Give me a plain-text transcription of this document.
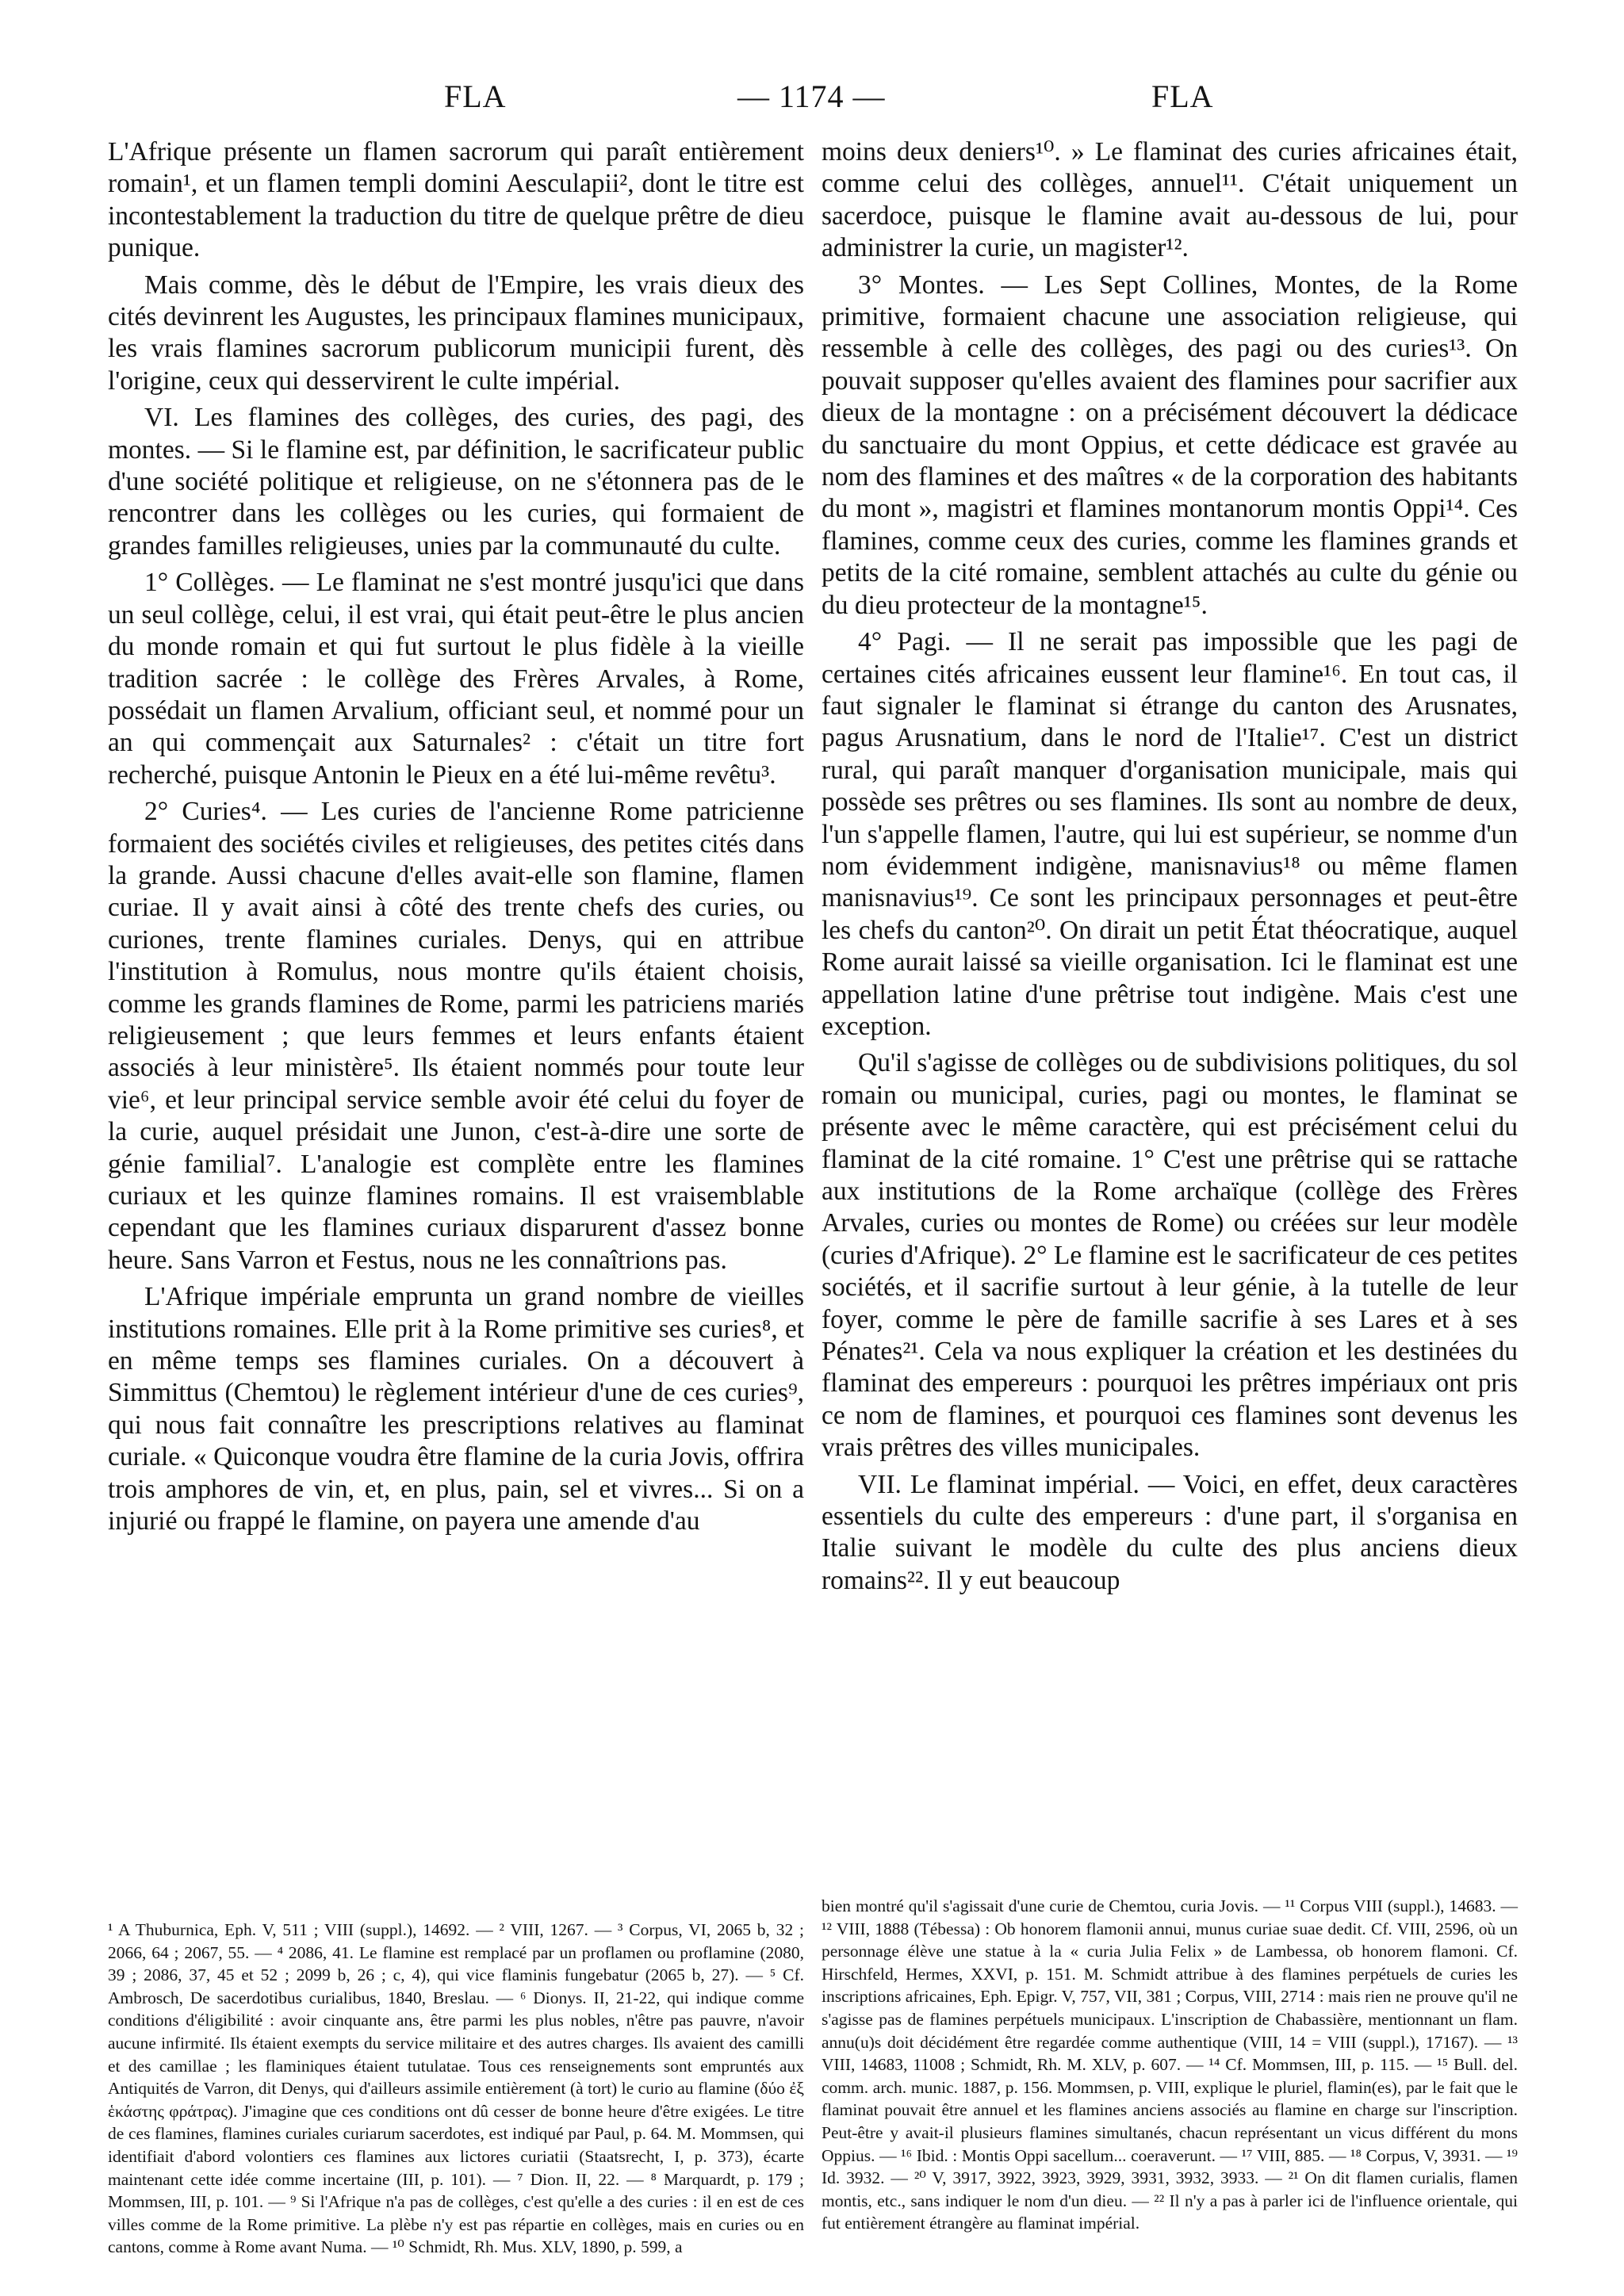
FLA	— 1174 —	FLA

L'Afrique présente un flamen sacrorum qui paraît entièrement romain¹, et un flamen templi domini Aesculapii², dont le titre est incontestablement la traduction du titre de quelque prêtre de dieu punique.

Mais comme, dès le début de l'Empire, les vrais dieux des cités devinrent les Augustes, les principaux flamines municipaux, les vrais flamines sacrorum publicorum municipii furent, dès l'origine, ceux qui desservirent le culte impérial.

VI. Les flamines des collèges, des curies, des pagi, des montes. — Si le flamine est, par définition, le sacrificateur public d'une société politique et religieuse, on ne s'étonnera pas de le rencontrer dans les collèges ou les curies, qui formaient de grandes familles religieuses, unies par la communauté du culte.

1° Collèges. — Le flaminat ne s'est montré jusqu'ici que dans un seul collège, celui, il est vrai, qui était peut-être le plus ancien du monde romain et qui fut surtout le plus fidèle à la vieille tradition sacrée : le collège des Frères Arvales, à Rome, possédait un flamen Arvalium, officiant seul, et nommé pour un an qui commençait aux Saturnales² : c'était un titre fort recherché, puisque Antonin le Pieux en a été lui-même revêtu³.

2° Curies⁴. — Les curies de l'ancienne Rome patricienne formaient des sociétés civiles et religieuses, des petites cités dans la grande. Aussi chacune d'elles avait-elle son flamine, flamen curiae. Il y avait ainsi à côté des trente chefs des curies, ou curiones, trente flamines curiales. Denys, qui en attribue l'institution à Romulus, nous montre qu'ils étaient choisis, comme les grands flamines de Rome, parmi les patriciens mariés religieusement ; que leurs femmes et leurs enfants étaient associés à leur ministère⁵. Ils étaient nommés pour toute leur vie⁶, et leur principal service semble avoir été celui du foyer de la curie, auquel présidait une Junon, c'est-à-dire une sorte de génie familial⁷. L'analogie est complète entre les flamines curiaux et les quinze flamines romains. Il est vraisemblable cependant que les flamines curiaux disparurent d'assez bonne heure. Sans Varron et Festus, nous ne les connaîtrions pas.

L'Afrique impériale emprunta un grand nombre de vieilles institutions romaines. Elle prit à la Rome primitive ses curies⁸, et en même temps ses flamines curiales. On a découvert à Simmittus (Chemtou) le règlement intérieur d'une de ces curies⁹, qui nous fait connaître les prescriptions relatives au flaminat curiale. « Quiconque voudra être flamine de la curia Jovis, offrira trois amphores de vin, et, en plus, pain, sel et vivres... Si on a injurié ou frappé le flamine, on payera une amende d'au

moins deux deniers¹⁰. » Le flaminat des curies africaines était, comme celui des collèges, annuel¹¹. C'était uniquement un sacerdoce, puisque le flamine avait au-dessous de lui, pour administrer la curie, un magister¹².

3° Montes. — Les Sept Collines, Montes, de la Rome primitive, formaient chacune une association religieuse, qui ressemble à celle des collèges, des pagi ou des curies¹³. On pouvait supposer qu'elles avaient des flamines pour sacrifier aux dieux de la montagne : on a précisément découvert la dédicace du sanctuaire du mont Oppius, et cette dédicace est gravée au nom des flamines et des maîtres « de la corporation des habitants du mont », magistri et flamines montanorum montis Oppi¹⁴. Ces flamines, comme ceux des curies, comme les flamines grands et petits de la cité romaine, semblent attachés au culte du génie ou du dieu protecteur de la montagne¹⁵.

4° Pagi. — Il ne serait pas impossible que les pagi de certaines cités africaines eussent leur flamine¹⁶. En tout cas, il faut signaler le flaminat si étrange du canton des Arusnates, pagus Arusnatium, dans le nord de l'Italie¹⁷. C'est un district rural, qui paraît manquer d'organisation municipale, mais qui possède ses prêtres ou ses flamines. Ils sont au nombre de deux, l'un s'appelle flamen, l'autre, qui lui est supérieur, se nomme d'un nom évidemment indigène, manisnavius¹⁸ ou même flamen manisnavius¹⁹. Ce sont les principaux personnages et peut-être les chefs du canton²⁰. On dirait un petit État théocratique, auquel Rome aurait laissé sa vieille organisation. Ici le flaminat est une appellation latine d'une prêtrise tout indigène. Mais c'est une exception.

Qu'il s'agisse de collèges ou de subdivisions politiques, du sol romain ou municipal, curies, pagi ou montes, le flaminat se présente avec le même caractère, qui est précisément celui du flaminat de la cité romaine. 1° C'est une prêtrise qui se rattache aux institutions de la Rome archaïque (collège des Frères Arvales, curies ou montes de Rome) ou créées sur leur modèle (curies d'Afrique). 2° Le flamine est le sacrificateur de ces petites sociétés, et il sacrifie surtout à leur génie, à la tutelle de leur foyer, comme le père de famille sacrifie à ses Lares et à ses Pénates²¹. Cela va nous expliquer la création et les destinées du flaminat des empereurs : pourquoi les prêtres impériaux ont pris ce nom de flamines, et pourquoi ces flamines sont devenus les vrais prêtres des villes municipales.

VII. Le flaminat impérial. — Voici, en effet, deux caractères essentiels du culte des empereurs : d'une part, il s'organisa en Italie suivant le modèle du culte des plus anciens dieux romains²². Il y eut beaucoup

¹ A Thuburnica, Eph. V, 511 ; VIII (suppl.), 14692. — ² VIII, 1267. — ³ Corpus, VI, 2065 b, 32 ; 2066, 64 ; 2067, 55. — ⁴ 2086, 41. Le flamine est remplacé par un proflamen ou proflamine (2080, 39 ; 2086, 37, 45 et 52 ; 2099 b, 26 ; c, 4), qui vice flaminis fungebatur (2065 b, 27). — ⁵ Cf. Ambrosch, De sacerdotibus curialibus, 1840, Breslau. — ⁶ Dionys. II, 21-22, qui indique comme conditions d'éligibilité : avoir cinquante ans, être parmi les plus nobles, n'être pas pauvre, n'avoir aucune infirmité. Ils étaient exempts du service militaire et des autres charges. Ils avaient des camilli et des camillae ; les flaminiques étaient tutulatae. Tous ces renseignements sont empruntés aux Antiquités de Varron, dit Denys, qui d'ailleurs assimile entièrement (à tort) le curio au flamine (δύο ἐξ ἑκάστης φράτρας). J'imagine que ces conditions ont dû cesser de bonne heure d'être exigées. Le titre de ces flamines, flamines curiales curiarum sacerdotes, est indiqué par Paul, p. 64. M. Mommsen, qui identifiait d'abord volontiers ces flamines aux lictores curiatii (Staatsrecht, I, p. 373), écarte maintenant cette idée comme incertaine (III, p. 101). — ⁷ Dion. II, 22. — ⁸ Marquardt, p. 179 ; Mommsen, III, p. 101. — ⁹ Si l'Afrique n'a pas de collèges, c'est qu'elle a des curies : il en est de ces villes comme de la Rome primitive. La plèbe n'y est pas répartie en collèges, mais en curies ou en cantons, comme à Rome avant Numa. — ¹⁰ Schmidt, Rh. Mus. XLV, 1890, p. 599, a

bien montré qu'il s'agissait d'une curie de Chemtou, curia Jovis. — ¹¹ Corpus VIII (suppl.), 14683. — ¹² VIII, 1888 (Tébessa) : Ob honorem flamonii annui, munus curiae suae dedit. Cf. VIII, 2596, où un personnage élève une statue à la « curia Julia Felix » de Lambessa, ob honorem flamoni. Cf. Hirschfeld, Hermes, XXVI, p. 151. M. Schmidt attribue à des flamines perpétuels de curies les inscriptions africaines, Eph. Epigr. V, 757, VII, 381 ; Corpus, VIII, 2714 : mais rien ne prouve qu'il ne s'agisse pas de flamines perpétuels municipaux. L'inscription de Chabassière, mentionnant un flam. annu(u)s doit décidément être regardée comme authentique (VIII, 14 = VIII (suppl.), 17167). — ¹³ VIII, 14683, 11008 ; Schmidt, Rh. M. XLV, p. 607. — ¹⁴ Cf. Mommsen, III, p. 115. — ¹⁵ Bull. del. comm. arch. munic. 1887, p. 156. Mommsen, p. VIII, explique le pluriel, flamin(es), par le fait que le flaminat pouvait être annuel et les flamines anciens associés au flamine en charge sur l'inscription. Peut-être y avait-il plusieurs flamines simultanés, chacun représentant un vicus différent du mons Oppius. — ¹⁶ Ibid. : Montis Oppi sacellum... coeraverunt. — ¹⁷ VIII, 885. — ¹⁸ Corpus, V, 3931. — ¹⁹ Id. 3932. — ²⁰ V, 3917, 3922, 3923, 3929, 3931, 3932, 3933. — ²¹ On dit flamen curialis, flamen montis, etc., sans indiquer le nom d'un dieu. — ²² Il n'y a pas à parler ici de l'influence orientale, qui fut entièrement étrangère au flaminat impérial.
